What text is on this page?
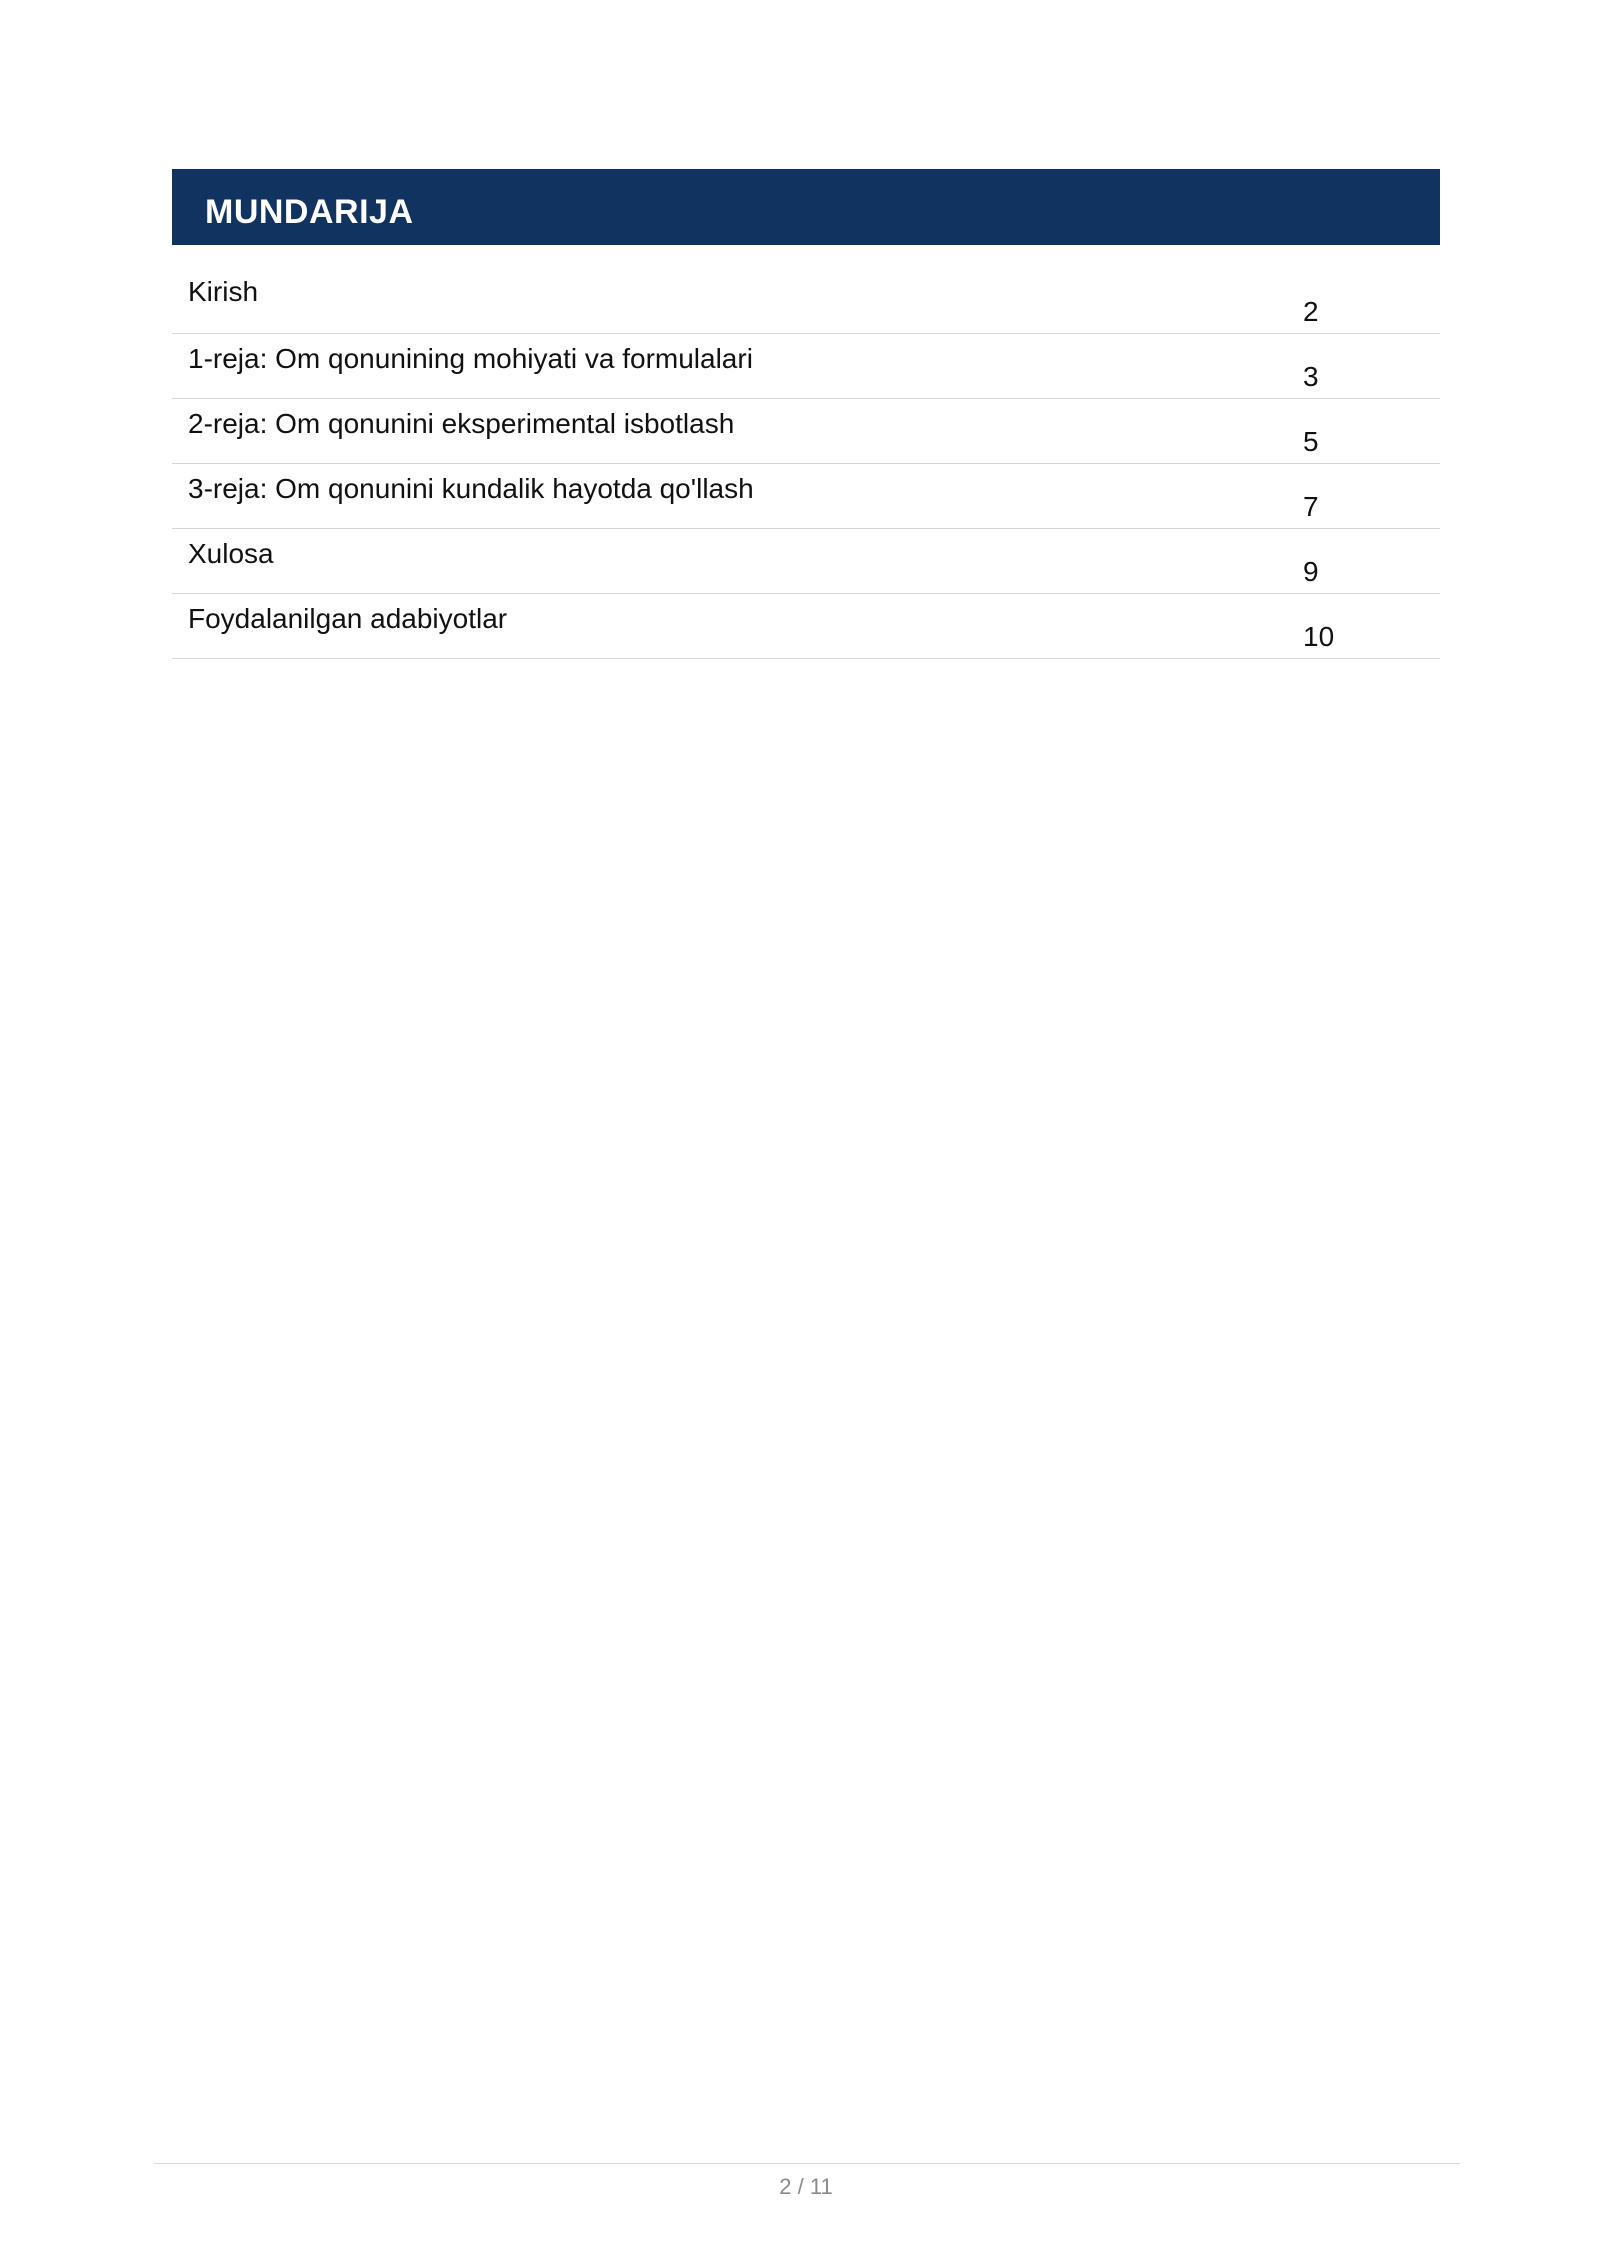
MUNDARIJA
Kirish
2
1-reja: Om qonunining mohiyati va formulalari
3
2-reja: Om qonunini eksperimental isbotlash
5
3-reja: Om qonunini kundalik hayotda qo'llash
7
Xulosa
9
Foydalanilgan adabiyotlar
10
2 / 11
